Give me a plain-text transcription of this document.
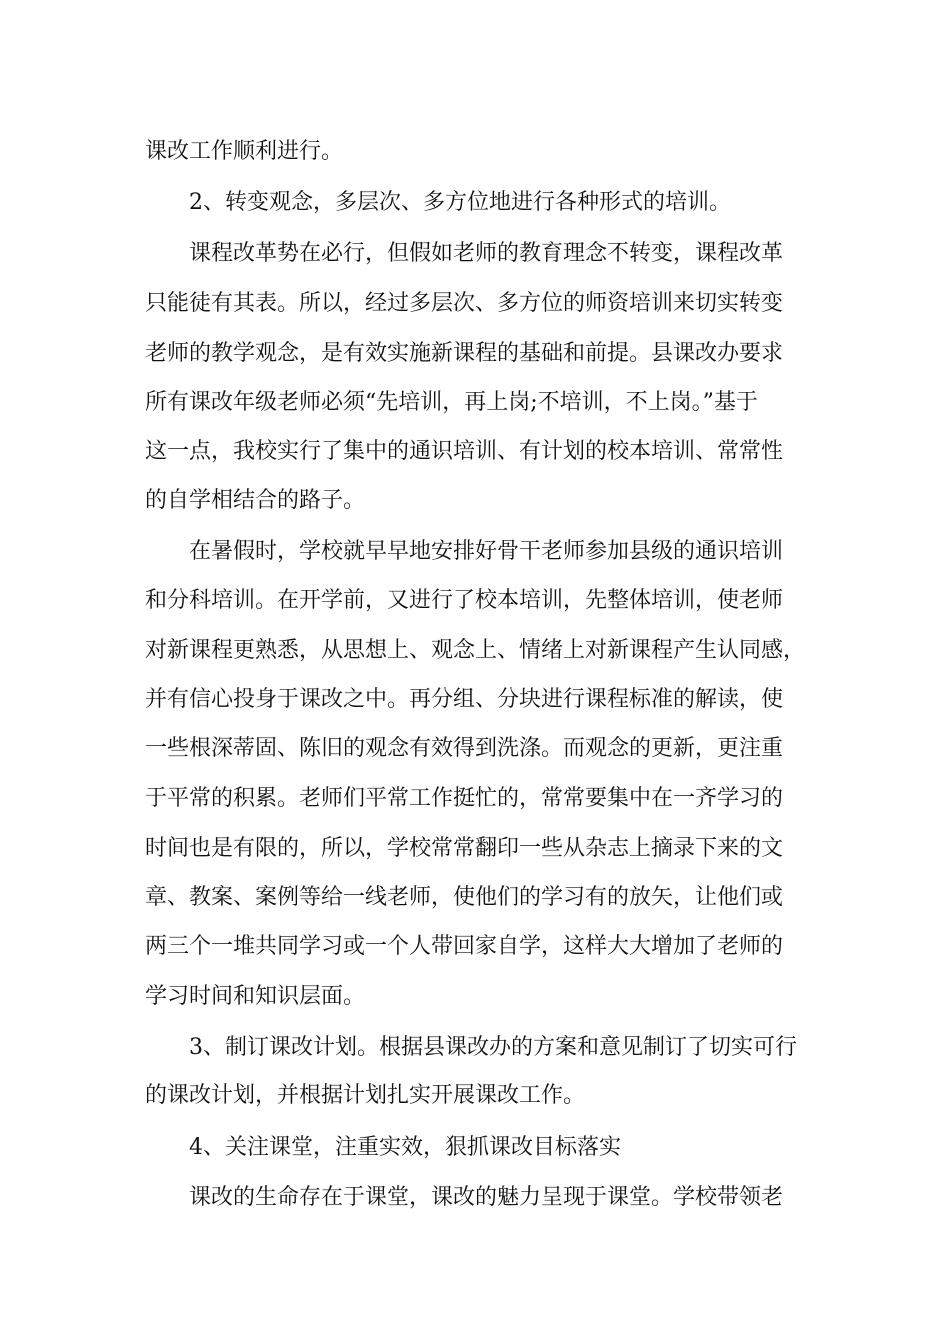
课改工作顺利进行。

　　2、转变观念，多层次、多方位地进行各种形式的培训。

　　课程改革势在必行，但假如老师的教育理念不转变，课程改革

只能徒有其表。所以，经过多层次、多方位的师资培训来切实转变

老师的教学观念，是有效实施新课程的基础和前提。县课改办要求

所有课改年级老师必须“先培训，再上岗;不培训，不上岗。”基于

这一点，我校实行了集中的通识培训、有计划的校本培训、常常性

的自学相结合的路子。

　　在暑假时，学校就早早地安排好骨干老师参加县级的通识培训

和分科培训。在开学前，又进行了校本培训，先整体培训，使老师

对新课程更熟悉，从思想上、观念上、情绪上对新课程产生认同感，

并有信心投身于课改之中。再分组、分块进行课程标准的解读，使

一些根深蒂固、陈旧的观念有效得到洗涤。而观念的更新，更注重

于平常的积累。老师们平常工作挺忙的，常常要集中在一齐学习的

时间也是有限的，所以，学校常常翻印一些从杂志上摘录下来的文

章、教案、案例等给一线老师，使他们的学习有的放矢，让他们或

两三个一堆共同学习或一个人带回家自学，这样大大增加了老师的

学习时间和知识层面。

　　3、制订课改计划。根据县课改办的方案和意见制订了切实可行

的课改计划，并根据计划扎实开展课改工作。

　　4、关注课堂，注重实效，狠抓课改目标落实

　　课改的生命存在于课堂，课改的魅力呈现于课堂。学校带领老
